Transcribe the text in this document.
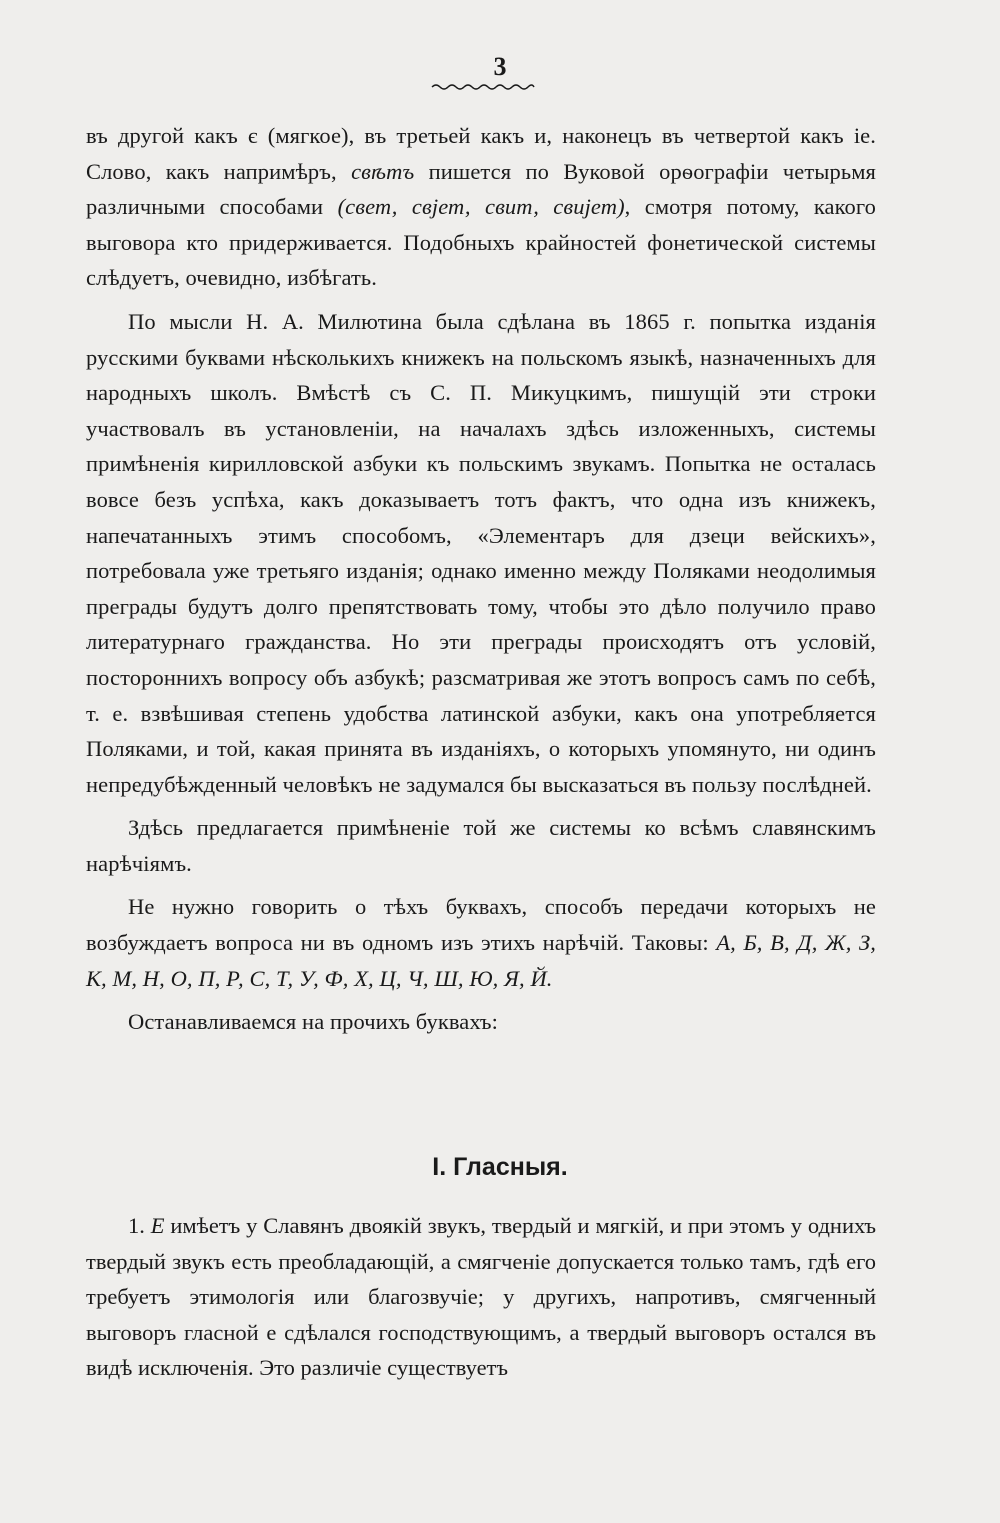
3

въ другой какъ є (мягкое), въ третьей какъ и, наконецъ въ четвертой какъ іе. Слово, какъ напримѣръ, свѣтъ пишется по Вуковой орѳографіи четырьмя различными способами (свет, свјет, свит, свијет), смотря потому, какого выговора кто придерживается. Подобныхъ крайностей фонетической системы слѣдуетъ, очевидно, избѣгать.

По мысли Н. А. Милютина была сдѣлана въ 1865 г. попытка изданія русскими буквами нѣсколькихъ книжекъ на польскомъ языкѣ, назначенныхъ для народныхъ школъ. Вмѣстѣ съ С. П. Микуцкимъ, пишущій эти строки участвовалъ въ установленіи, на началахъ здѣсь изложенныхъ, системы примѣненія кирилловской азбуки къ польскимъ звукамъ. Попытка не осталась вовсе безъ успѣха, какъ доказываетъ тотъ фактъ, что одна изъ книжекъ, напечатанныхъ этимъ способомъ, «Элементаръ для дзеци вейскихъ», потребовала уже третьяго изданія; однако именно между Поляками неодолимыя преграды будутъ долго препятствовать тому, чтобы это дѣло получило право литературнаго гражданства. Но эти преграды происходятъ отъ условій, постороннихъ вопросу объ азбукѣ; разсматривая же этотъ вопросъ самъ по себѣ, т. е. взвѣшивая степень удобства латинской азбуки, какъ она употребляется Поляками, и той, какая принята въ изданіяхъ, о которыхъ упомянуто, ни одинъ непредубѣжденный человѣкъ не задумался бы высказаться въ пользу послѣдней.

Здѣсь предлагается примѣненіе той же системы ко всѣмъ славянскимъ нарѣчіямъ.

Не нужно говорить о тѣхъ буквахъ, способъ передачи которыхъ не возбуждаетъ вопроса ни въ одномъ изъ этихъ нарѣчій. Таковы: А, Б, В, Д, Ж, З, К, М, Н, О, П, Р, С, Т, У, Ф, Х, Ц, Ч, Ш, Ю, Я, Й.

Останавливаемся на прочихъ буквахъ:

I. Гласныя.

1. Е имѣетъ у Славянъ двоякій звукъ, твердый и мягкій, и при этомъ у однихъ твердый звукъ есть преобладающій, а смягченіе допускается только тамъ, гдѣ его требуетъ этимологія или благозвучіе; у другихъ, напротивъ, смягченный выговоръ гласной е сдѣлался господствующимъ, а твердый выговоръ остался въ видѣ исключенія. Это различіе существуетъ
